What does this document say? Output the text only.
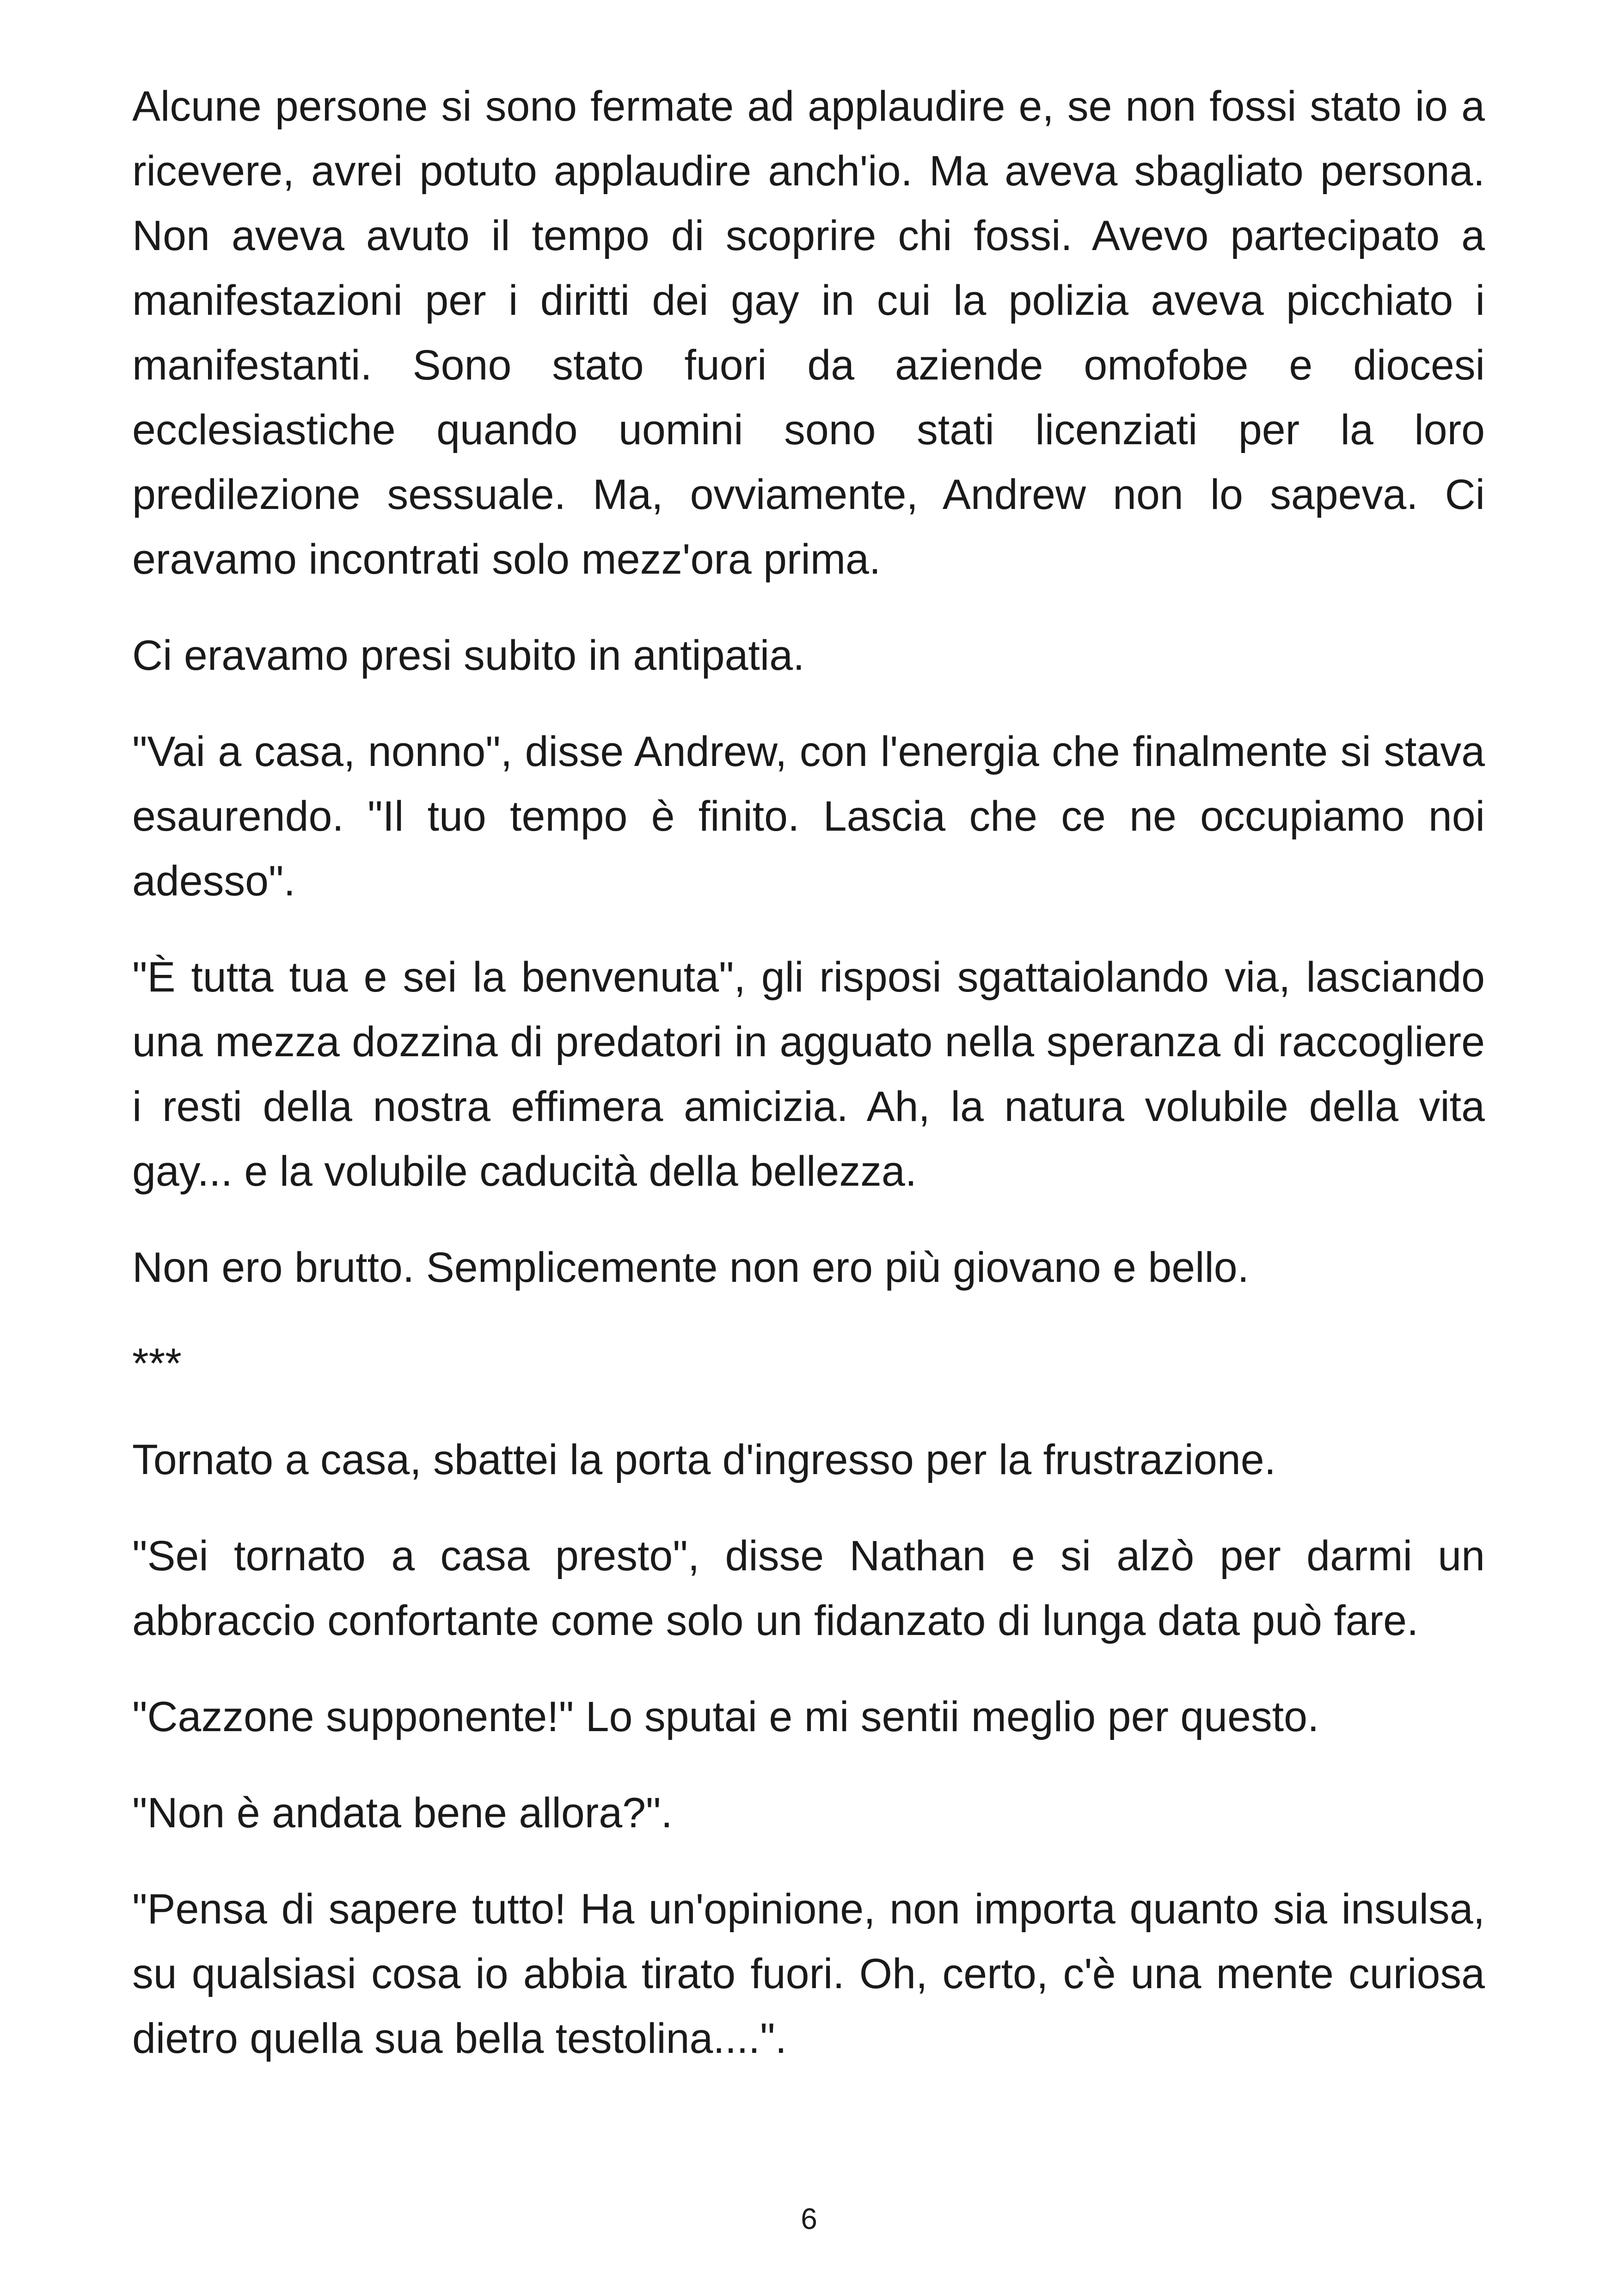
Alcune persone si sono fermate ad applaudire e, se non fossi stato io a ricevere, avrei potuto applaudire anch'io. Ma aveva sbagliato persona. Non aveva avuto il tempo di scoprire chi fossi. Avevo partecipato a manifestazioni per i diritti dei gay in cui la polizia aveva picchiato i manifestanti. Sono stato fuori da aziende omofobe e diocesi ecclesiastiche quando uomini sono stati licenziati per la loro predilezione sessuale. Ma, ovviamente, Andrew non lo sapeva. Ci eravamo incontrati solo mezz'ora prima.

Ci eravamo presi subito in antipatia.

"Vai a casa, nonno", disse Andrew, con l'energia che finalmente si stava esaurendo. "Il tuo tempo è finito. Lascia che ce ne occupiamo noi adesso".

"È tutta tua e sei la benvenuta", gli risposi sgattaiolando via, lasciando una mezza dozzina di predatori in agguato nella speranza di raccogliere i resti della nostra effimera amicizia. Ah, la natura volubile della vita gay... e la volubile caducità della bellezza.

Non ero brutto. Semplicemente non ero più giovano e bello.

***

Tornato a casa, sbattei la porta d'ingresso per la frustrazione.

"Sei tornato a casa presto", disse Nathan e si alzò per darmi un abbraccio confortante come solo un fidanzato di lunga data può fare.

"Cazzone supponente!" Lo sputai e mi sentii meglio per questo.

"Non è andata bene allora?".

"Pensa di sapere tutto! Ha un'opinione, non importa quanto sia insulsa, su qualsiasi cosa io abbia tirato fuori. Oh, certo, c'è una mente curiosa dietro quella sua bella testolina....".

6
